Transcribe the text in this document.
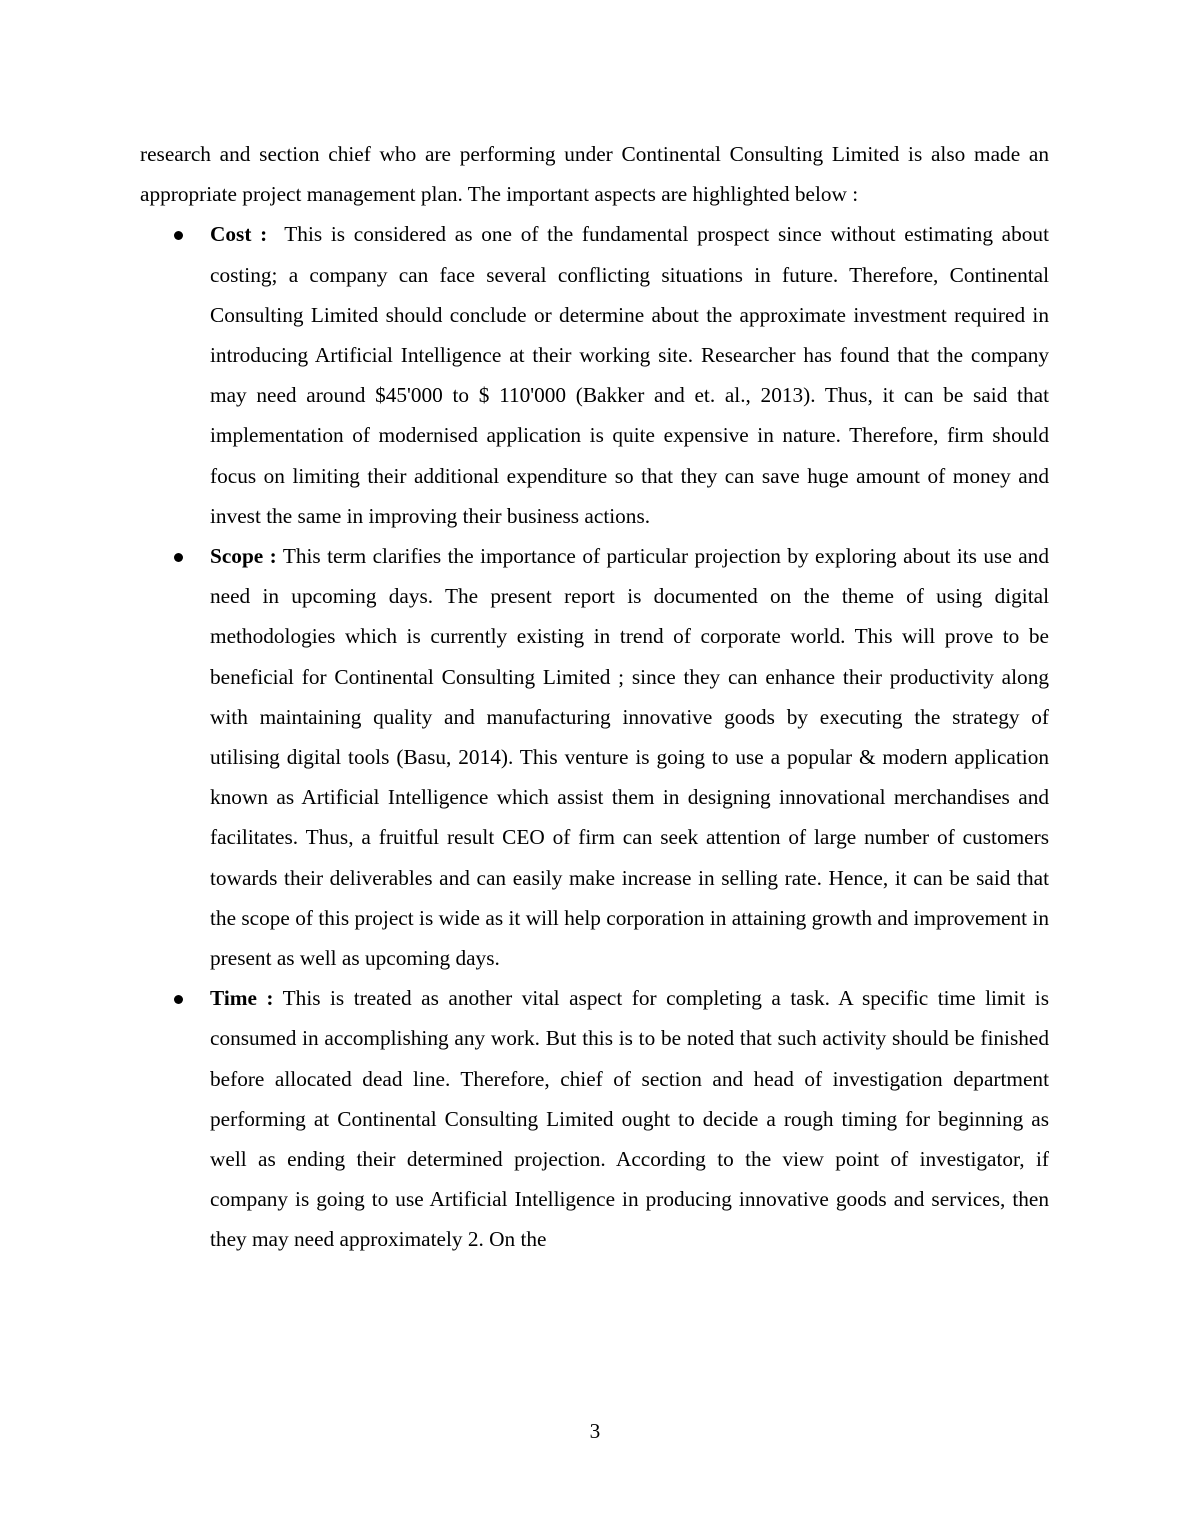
research and section chief who are performing under Continental Consulting Limited is also made an appropriate project management plan. The important aspects are highlighted below :

Cost : This is considered as one of the fundamental prospect since without estimating about costing; a company can face several conflicting situations in future. Therefore, Continental Consulting Limited should conclude or determine about the approximate investment required in introducing Artificial Intelligence at their working site. Researcher has found that the company may need around $45'000 to $ 110'000 (Bakker and et. al., 2013). Thus, it can be said that implementation of modernised application is quite expensive in nature. Therefore, firm should focus on limiting their additional expenditure so that they can save huge amount of money and invest the same in improving their business actions.
Scope : This term clarifies the importance of particular projection by exploring about its use and need in upcoming days. The present report is documented on the theme of using digital methodologies which is currently existing in trend of corporate world. This will prove to be beneficial for Continental Consulting Limited ; since they can enhance their productivity along with maintaining quality and manufacturing innovative goods by executing the strategy of utilising digital tools (Basu, 2014). This venture is going to use a popular & modern application known as Artificial Intelligence which assist them in designing innovational merchandises and facilitates. Thus, a fruitful result CEO of firm can seek attention of large number of customers towards their deliverables and can easily make increase in selling rate. Hence, it can be said that the scope of this project is wide as it will help corporation in attaining growth and improvement in present as well as upcoming days.
Time : This is treated as another vital aspect for completing a task. A specific time limit is consumed in accomplishing any work. But this is to be noted that such activity should be finished before allocated dead line. Therefore, chief of section and head of investigation department performing at Continental Consulting Limited ought to decide a rough timing for beginning as well as ending their determined projection. According to the view point of investigator, if company is going to use Artificial Intelligence in producing innovative goods and services, then they may need approximately 2. On the
3
